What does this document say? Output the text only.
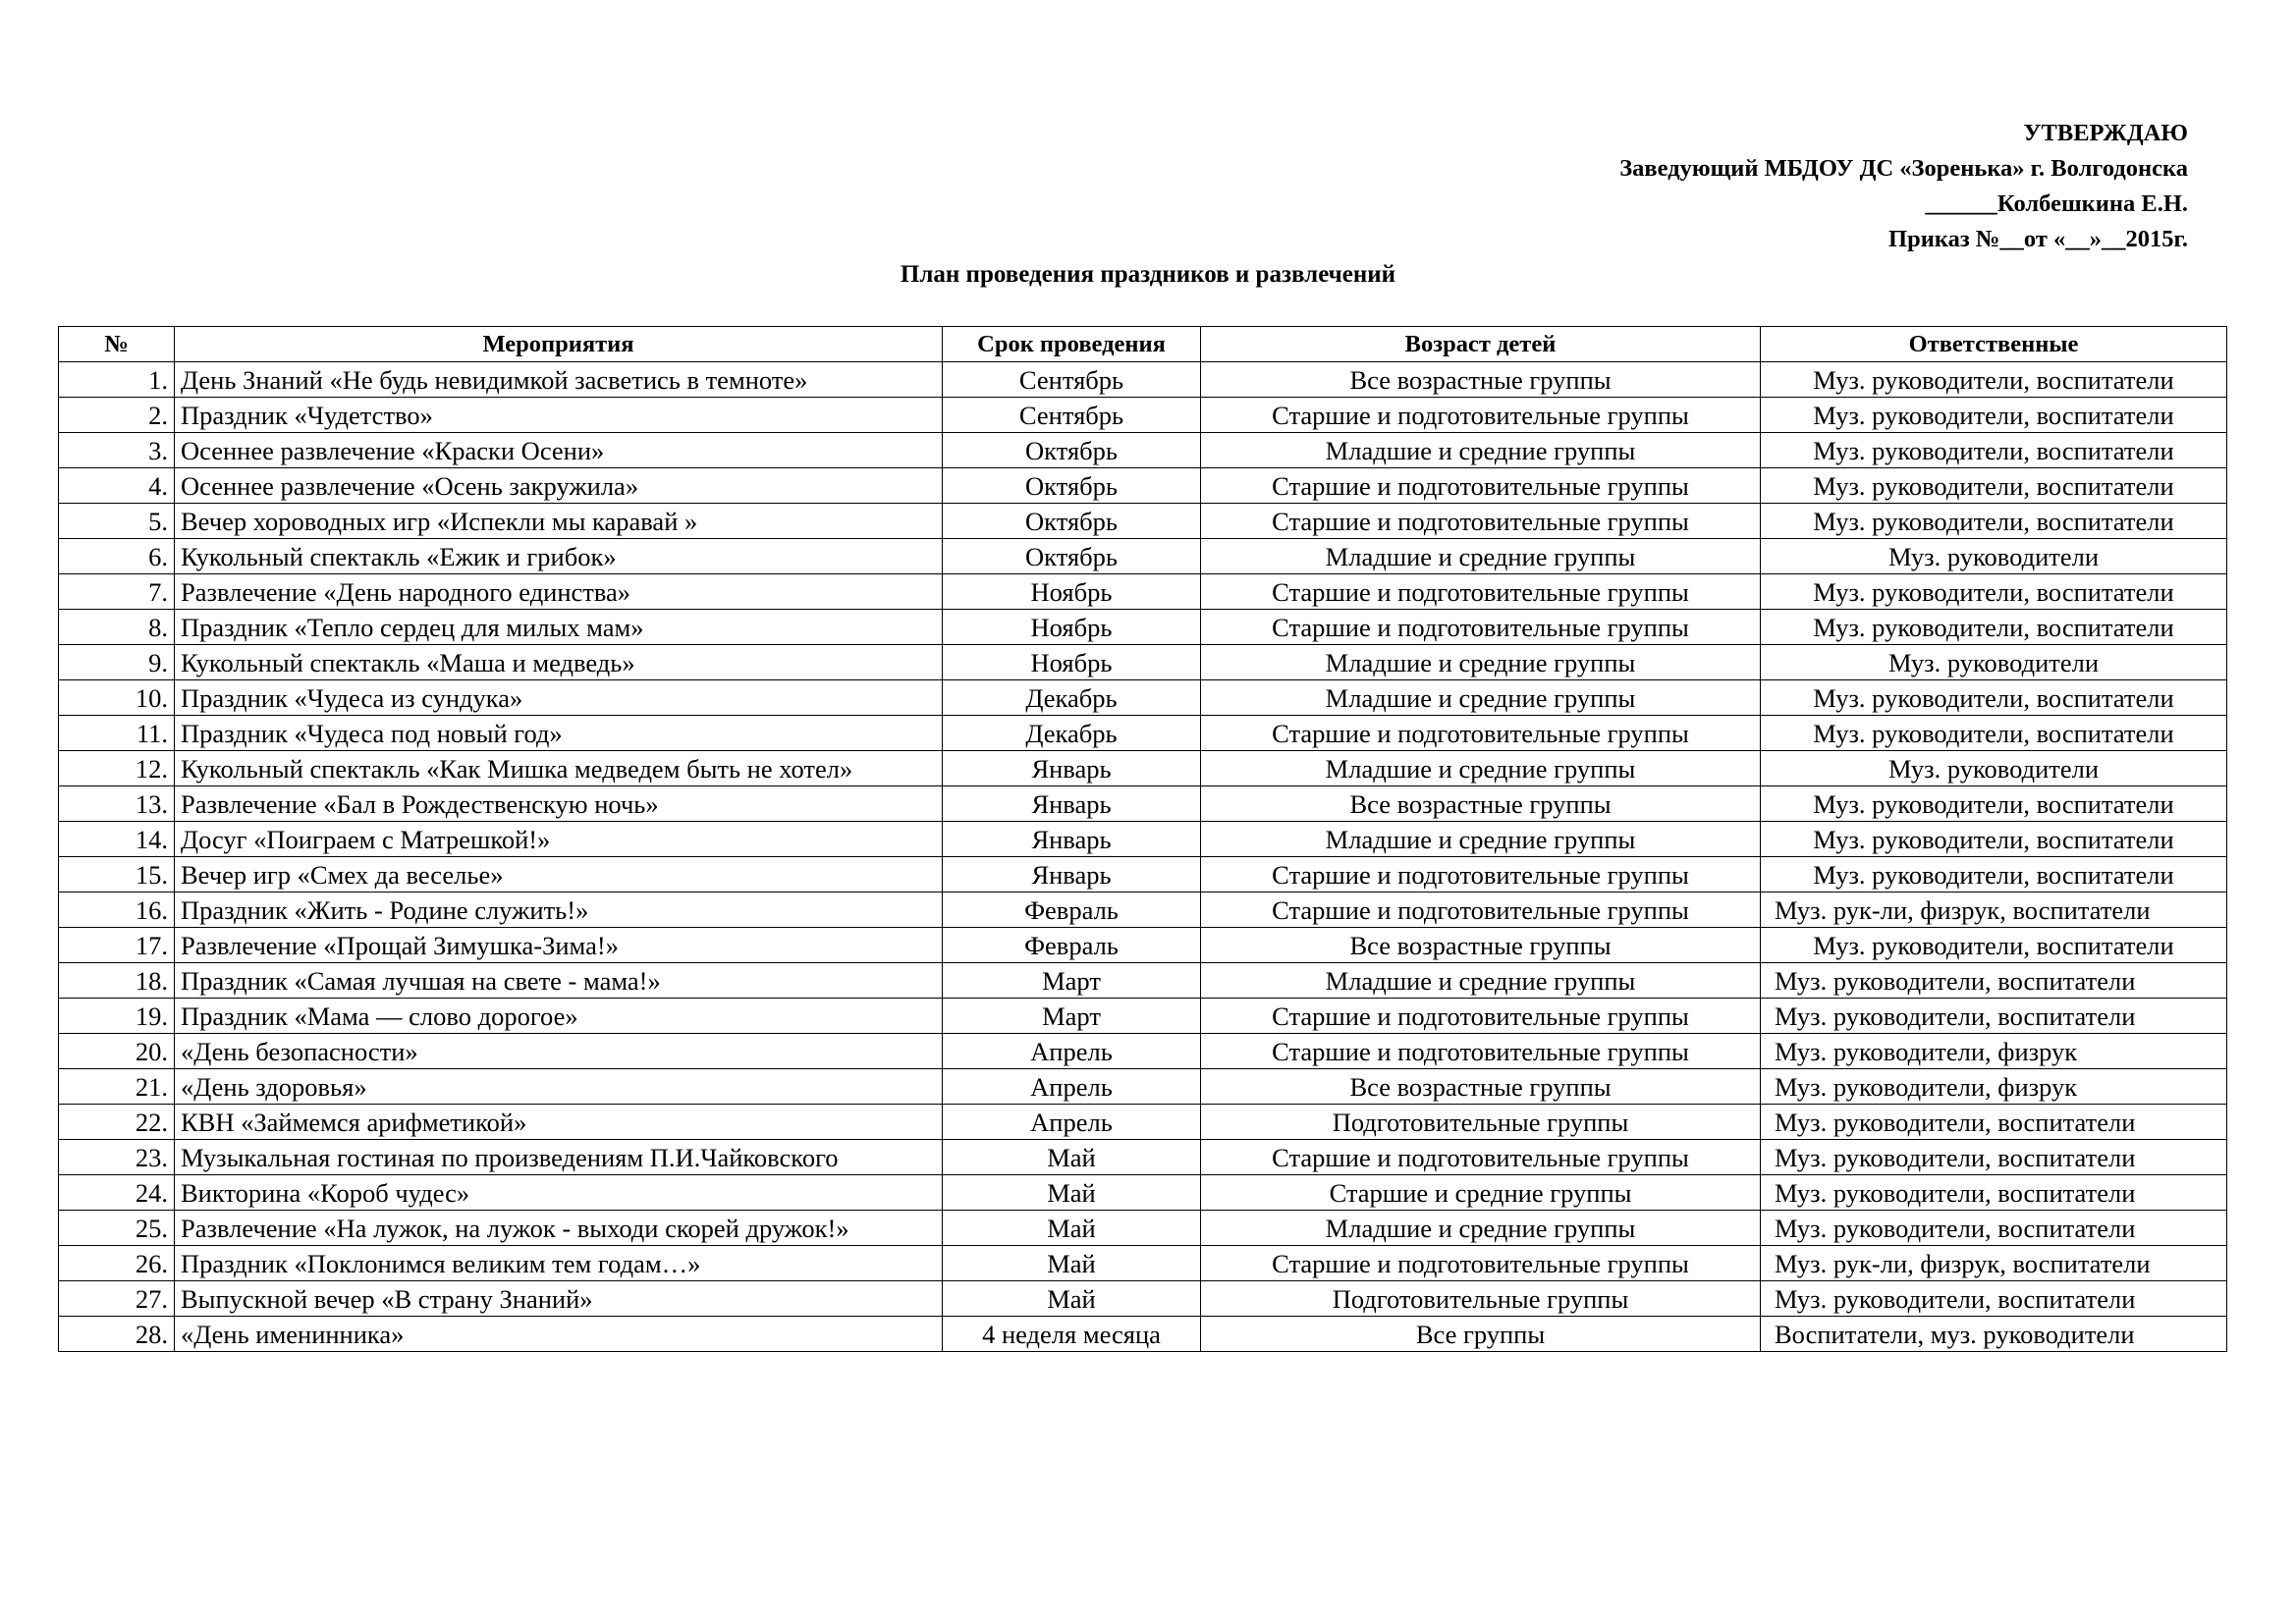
УТВЕРЖДАЮ
Заведующий МБДОУ ДС «Зоренька» г. Волгодонска
______Колбешкина Е.Н.
Приказ №__от «__»__2015г.
План проведения праздников и развлечений
№	Мероприятия	Срок проведения	Возраст детей	Ответственные
1.	День Знаний «Не будь невидимкой засветись в темноте»	Сентябрь	Все возрастные группы	Муз. руководители, воспитатели
2.	Праздник «Чудетство»	Сентябрь	Старшие и подготовительные группы	Муз. руководители, воспитатели
3.	Осеннее развлечение «Краски Осени»	Октябрь	Младшие и средние группы	Муз. руководители, воспитатели
4.	Осеннее развлечение «Осень закружила»	Октябрь	Старшие и подготовительные группы	Муз. руководители, воспитатели
5.	Вечер хороводных игр «Испекли мы каравай »	Октябрь	Старшие и подготовительные группы	Муз. руководители, воспитатели
6.	Кукольный спектакль «Ежик и грибок»	Октябрь	Младшие и средние группы	Муз. руководители
7.	Развлечение «День народного единства»	Ноябрь	Старшие и подготовительные группы	Муз. руководители, воспитатели
8.	Праздник «Тепло сердец для милых мам»	Ноябрь	Старшие и подготовительные группы	Муз. руководители, воспитатели
9.	Кукольный спектакль «Маша и медведь»	Ноябрь	Младшие и средние группы	Муз. руководители
10.	Праздник «Чудеса из сундука»	Декабрь	Младшие и средние группы	Муз. руководители, воспитатели
11.	Праздник «Чудеса под новый год»	Декабрь	Старшие и подготовительные группы	Муз. руководители, воспитатели
12.	Кукольный спектакль «Как Мишка медведем быть не хотел»	Январь	Младшие и средние группы	Муз. руководители
13.	Развлечение «Бал в Рождественскую ночь»	Январь	Все возрастные группы	Муз. руководители, воспитатели
14.	Досуг «Поиграем с Матрешкой!»	Январь	Младшие и средние группы	Муз. руководители, воспитатели
15.	Вечер игр «Смех да веселье»	Январь	Старшие и подготовительные группы	Муз. руководители, воспитатели
16.	Праздник «Жить - Родине служить!»	Февраль	Старшие и подготовительные группы	Муз. рук-ли, физрук, воспитатели
17.	Развлечение «Прощай Зимушка-Зима!»	Февраль	Все возрастные группы	Муз. руководители, воспитатели
18.	Праздник «Самая лучшая на свете - мама!»	Март	Младшие и средние группы	Муз. руководители, воспитатели
19.	Праздник «Мама — слово дорогое»	Март	Старшие и подготовительные группы	Муз. руководители, воспитатели
20.	«День безопасности»	Апрель	Старшие и подготовительные группы	Муз. руководители, физрук
21.	«День здоровья»	Апрель	Все возрастные группы	Муз. руководители, физрук
22.	КВН «Займемся арифметикой»	Апрель	Подготовительные группы	Муз. руководители, воспитатели
23.	Музыкальная гостиная по произведениям П.И.Чайковского	Май	Старшие и подготовительные группы	Муз. руководители, воспитатели
24.	Викторина «Короб чудес»	Май	Старшие и средние группы	Муз. руководители, воспитатели
25.	Развлечение «На лужок, на лужок - выходи скорей дружок!»	Май	Младшие и средние группы	Муз. руководители, воспитатели
26.	Праздник «Поклонимся великим тем годам…»	Май	Старшие и подготовительные группы	Муз. рук-ли, физрук, воспитатели
27.	Выпускной вечер «В страну Знаний»	Май	Подготовительные группы	Муз. руководители, воспитатели
28.	«День именинника»	4 неделя месяца	Все группы	Воспитатели, муз. руководители
